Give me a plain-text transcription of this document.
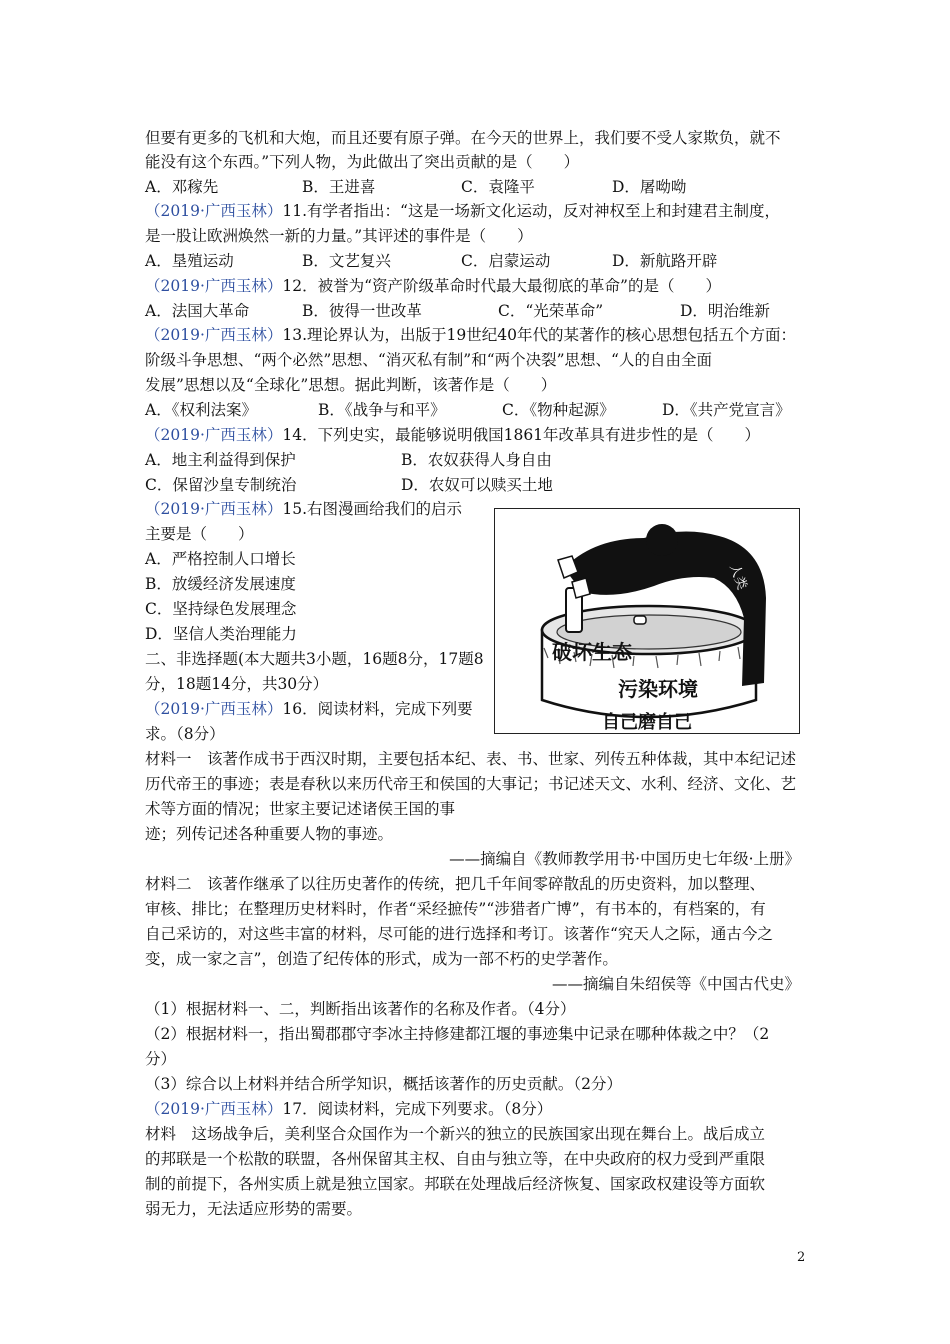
但要有更多的飞机和大炮，而且还要有原子弹。在今天的世界上，我们要不受人家欺负，就不
能没有这个东西。”下列人物，为此做出了突出贡献的是（　　）
A．邓稼先	B．王进喜	C．袁隆平	D．屠呦呦
（2019·广西玉林）11.有学者指出：“这是一场新文化运动，反对神权至上和封建君主制度，
是一股让欧洲焕然一新的力量。”其评述的事件是（　　）
A．垦殖运动	B．文艺复兴	C．启蒙运动	D．新航路开辟
（2019·广西玉林）12．被誉为“资产阶级革命时代最大最彻底的革命”的是（　　）
A．法国大革命	B．彼得一世改革	C．“光荣革命”	D．明治维新
（2019·广西玉林）13.理论界认为，出版于19世纪40年代的某著作的核心思想包括五个方面：
阶级斗争思想、“两个必然”思想、“消灭私有制”和“两个决裂”思想、“人的自由全面
发展”思想以及“全球化”思想。据此判断，该著作是（　　）
A．《权利法案》	B．《战争与和平》	C．《物种起源》	D．《共产党宣言》
（2019·广西玉林）14．下列史实，最能够说明俄国1861年改革具有进步性的是（　　）
A．地主利益得到保护	B．农奴获得人身自由
C．保留沙皇专制统治	D．农奴可以赎买土地
（2019·广西玉林）15.右图漫画给我们的启示
主要是（　　）
A．严格控制人口增长
B．放缓经济发展速度
C．坚持绿色发展理念
D．坚信人类治理能力
人类
破坏生态
污染环境
自己磨自己
二、非选择题(本大题共3小题，16题8分，17题8
分，18题14分，共30分）
（2019·广西玉林）16．阅读材料，完成下列要
求。（8分）
材料一　该著作成书于西汉时期，主要包括本纪、表、书、世家、列传五种体裁，其中本纪记述
历代帝王的事迹；表是春秋以来历代帝王和侯国的大事记；书记述天文、水利、经济、文化、艺
术等方面的情况；世家主要记述诸侯王国的事
迹；列传记述各种重要人物的事迹。
——摘编自《教师教学用书·中国历史七年级·上册》
材料二　该著作继承了以往历史著作的传统，把几千年间零碎散乱的历史资料，加以整理、
审核、排比；在整理历史材料时，作者“采经摭传”“涉猎者广博”，有书本的，有档案的，有
自己采访的，对这些丰富的材料，尽可能的进行选择和考订。该著作“究天人之际，通古今之
变，成一家之言”，创造了纪传体的形式，成为一部不朽的史学著作。
——摘编自朱绍侯等《中国古代史》
（1）根据材料一、二，判断指出该著作的名称及作者。（4分）
（2）根据材料一，指出蜀郡郡守李冰主持修建都江堰的事迹集中记录在哪种体裁之中？（2
分）
（3）综合以上材料并结合所学知识，概括该著作的历史贡献。（2分）
（2019·广西玉林）17．阅读材料，完成下列要求。（8分）
材料　这场战争后，美利坚合众国作为一个新兴的独立的民族国家出现在舞台上。战后成立
的邦联是一个松散的联盟，各州保留其主权、自由与独立等，在中央政府的权力受到严重限
制的前提下，各州实质上就是独立国家。邦联在处理战后经济恢复、国家政权建设等方面软
弱无力，无法适应形势的需要。
2
